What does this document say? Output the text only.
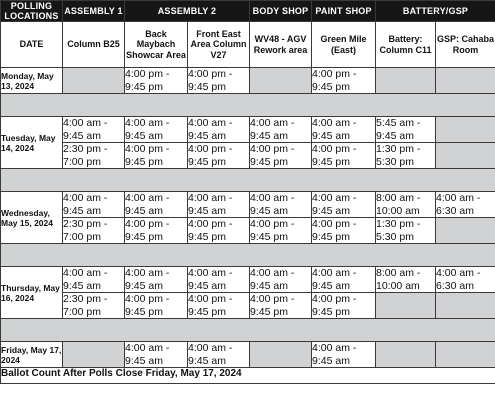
POLLING LOCATIONS	ASSEMBLY 1	ASSEMBLY 2		BODY SHOP	PAINT SHOP	BATTERY/GSP	
DATE	Column B25	Back Maybach Showcar Area	Front East Area Column V27	WV48 - AGV Rework area	Green Mile (East)	Battery: Column C11	GSP: Cahaba Room
Monday, May 13, 2024		4:00 pm - 9:45 pm	4:00 pm - 9:45 pm		4:00 pm - 9:45 pm		

Tuesday, May 14, 2024	4:00 am - 9:45 am	4:00 am - 9:45 am	4:00 am - 9:45 am	4:00 am - 9:45 am	4:00 am - 9:45 am	5:45 am - 9:45 am	
	2:30 pm - 7:00 pm	4:00 pm - 9:45 pm	4:00 pm - 9:45 pm	4:00 pm - 9:45 pm	4:00 pm - 9:45 pm	1:30 pm - 5:30 pm	

Wednesday, May 15, 2024	4:00 am - 9:45 am	4:00 am - 9:45 am	4:00 am - 9:45 am	4:00 am - 9:45 am	4:00 am - 9:45 am	8:00 am - 10:00 am	4:00 am - 6:30 am
	2:30 pm - 7:00 pm	4:00 pm - 9:45 pm	4:00 pm - 9:45 pm	4:00 pm - 9:45 pm	4:00 pm - 9:45 pm	1:30 pm - 5:30 pm	

Thursday, May 16, 2024	4:00 am - 9:45 am	4:00 am - 9:45 am	4:00 am - 9:45 am	4:00 am - 9:45 am	4:00 am - 9:45 am	8:00 am - 10:00 am	4:00 am - 6:30 am
	2:30 pm - 7:00 pm	4:00 pm - 9:45 pm	4:00 pm - 9:45 pm	4:00 pm - 9:45 pm	4:00 pm - 9:45 pm		

Friday, May 17, 2024		4:00 am - 9:45 am	4:00 am - 9:45 am		4:00 am - 9:45 am		
Ballot Count After Polls Close Friday, May 17, 2024							
